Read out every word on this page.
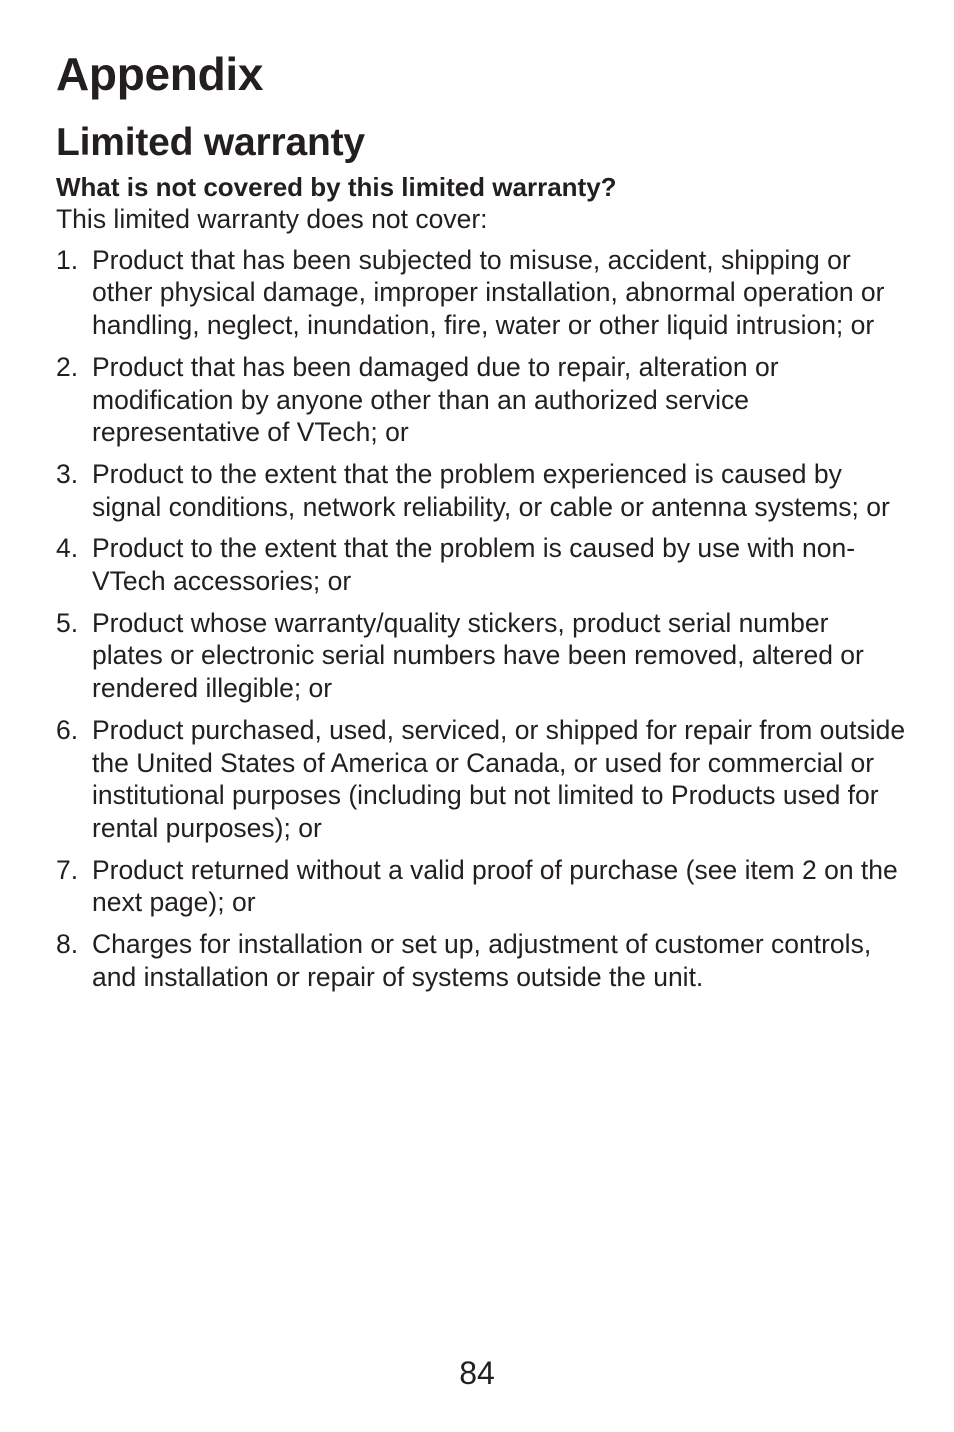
Appendix
Limited warranty

What is not covered by this limited warranty?

This limited warranty does not cover:

1. Product that has been subjected to misuse, accident, shipping or other physical damage, improper installation, abnormal operation or handling, neglect, inundation, fire, water or other liquid intrusion; or
2. Product that has been damaged due to repair, alteration or modification by anyone other than an authorized service representative of VTech; or
3. Product to the extent that the problem experienced is caused by signal conditions, network reliability, or cable or antenna systems; or
4. Product to the extent that the problem is caused by use with non-VTech accessories; or
5. Product whose warranty/quality stickers, product serial number plates or electronic serial numbers have been removed, altered or rendered illegible; or
6. Product purchased, used, serviced, or shipped for repair from outside the United States of America or Canada, or used for commercial or institutional purposes (including but not limited to Products used for rental purposes); or
7. Product returned without a valid proof of purchase (see item 2 on the next page); or
8. Charges for installation or set up, adjustment of customer controls, and installation or repair of systems outside the unit.
84
